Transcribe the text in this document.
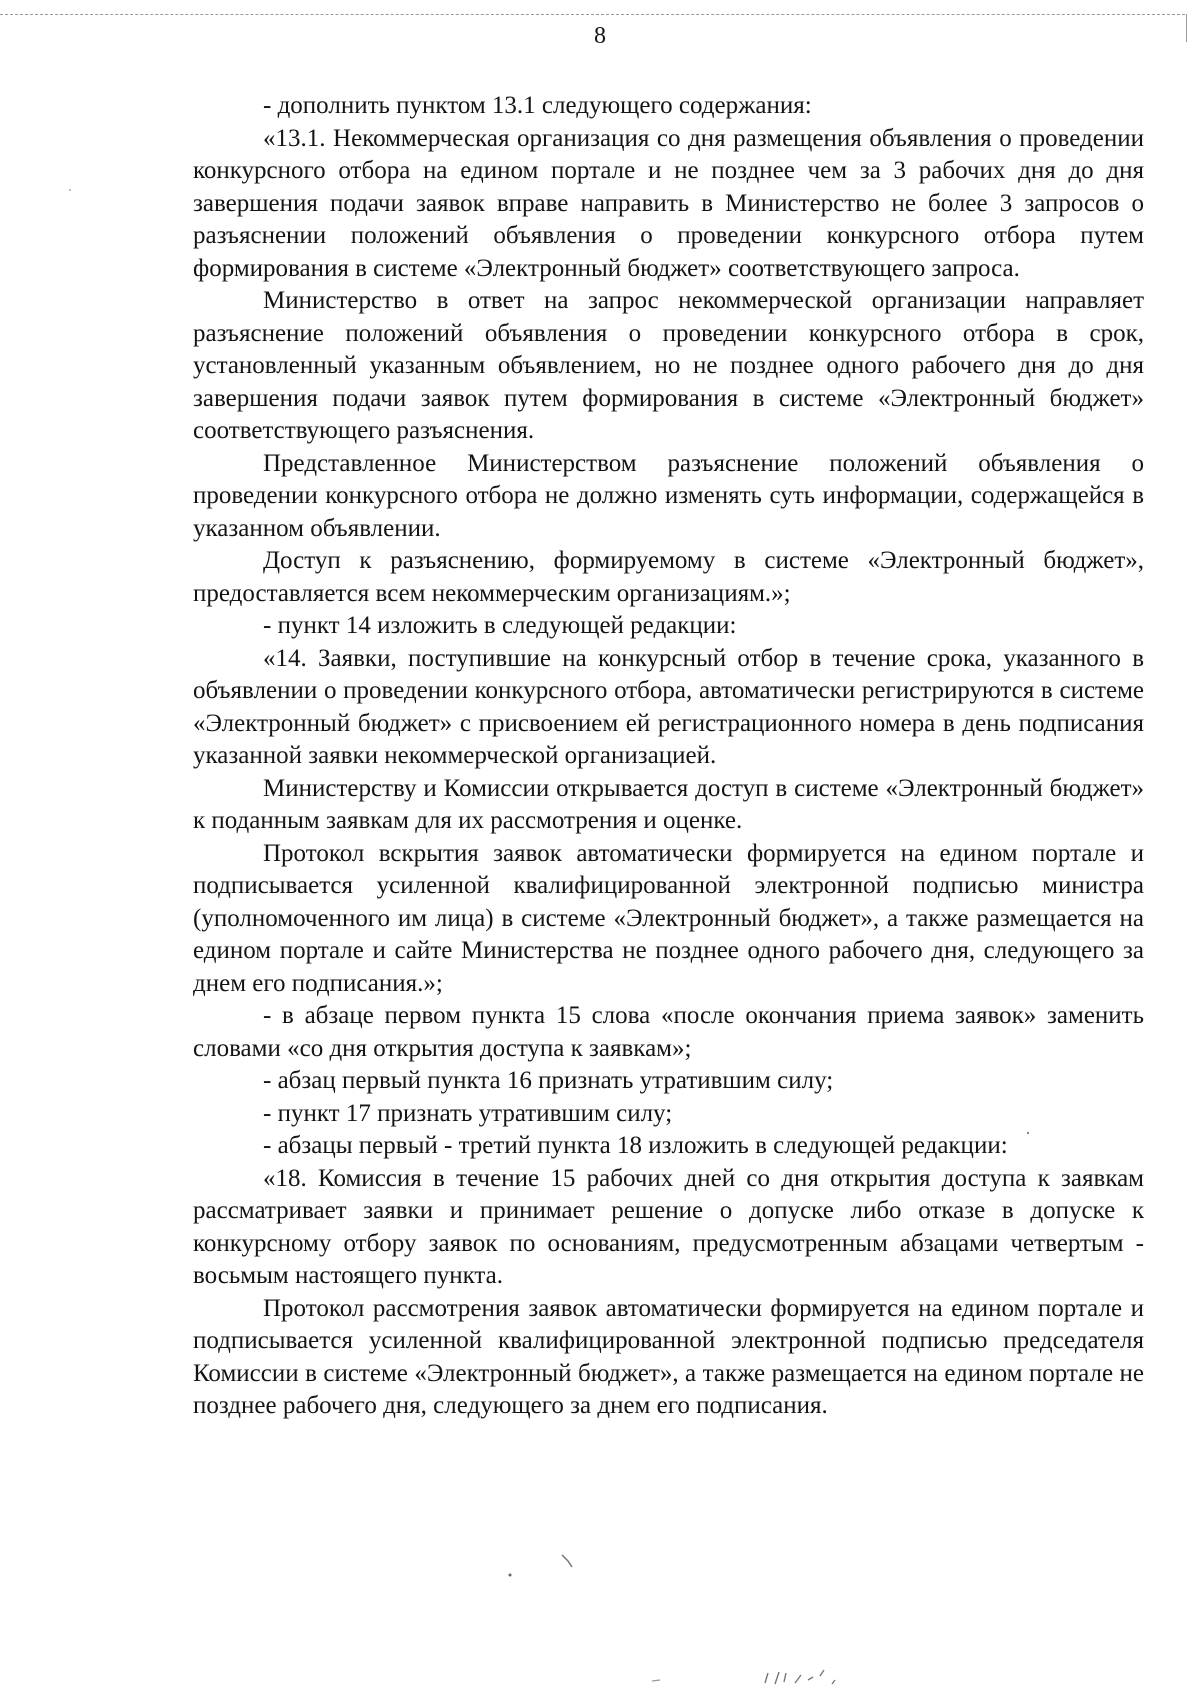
8

- дополнить пунктом 13.1 следующего содержания:

«13.1. Некоммерческая организация со дня размещения объявления о проведении конкурсного отбора на едином портале и не позднее чем за 3 рабочих дня до дня завершения подачи заявок вправе направить в Министерство не более 3 запросов о разъяснении положений объявления о проведении конкурсного отбора путем формирования в системе «Электронный бюджет» соответствующего запроса.

Министерство в ответ на запрос некоммерческой организации направляет разъяснение положений объявления о проведении конкурсного отбора в срок, установленный указанным объявлением, но не позднее одного рабочего дня до дня завершения подачи заявок путем формирования в системе «Электронный бюджет» соответствующего разъяснения.

Представленное Министерством разъяснение положений объявления о проведении конкурсного отбора не должно изменять суть информации, содержащейся в указанном объявлении.

Доступ к разъяснению, формируемому в системе «Электронный бюджет», предоставляется всем некоммерческим организациям.»;

- пункт 14 изложить в следующей редакции:

«14. Заявки, поступившие на конкурсный отбор в течение срока, указанного в объявлении о проведении конкурсного отбора, автоматически регистрируются в системе «Электронный бюджет» с присвоением ей регистрационного номера в день подписания указанной заявки некоммерческой организацией.

Министерству и Комиссии открывается доступ в системе «Электронный бюджет» к поданным заявкам для их рассмотрения и оценке.

Протокол вскрытия заявок автоматически формируется на едином портале и подписывается усиленной квалифицированной электронной подписью министра (уполномоченного им лица) в системе «Электронный бюджет», а также размещается на едином портале и сайте Министерства не позднее одного рабочего дня, следующего за днем его подписания.»;

- в абзаце первом пункта 15 слова «после окончания приема заявок» заменить словами «со дня открытия доступа к заявкам»;

- абзац первый пункта 16 признать утратившим силу;

- пункт 17 признать утратившим силу;

- абзацы первый - третий пункта 18 изложить в следующей редакции:

«18. Комиссия в течение 15 рабочих дней со дня открытия доступа к заявкам рассматривает заявки и принимает решение о допуске либо отказе в допуске к конкурсному отбору заявок по основаниям, предусмотренным абзацами четвертым - восьмым настоящего пункта.

Протокол рассмотрения заявок автоматически формируется на едином портале и подписывается усиленной квалифицированной электронной подписью председателя Комиссии в системе «Электронный бюджет», а также размещается на едином портале не позднее рабочего дня, следующего за днем его подписания.
